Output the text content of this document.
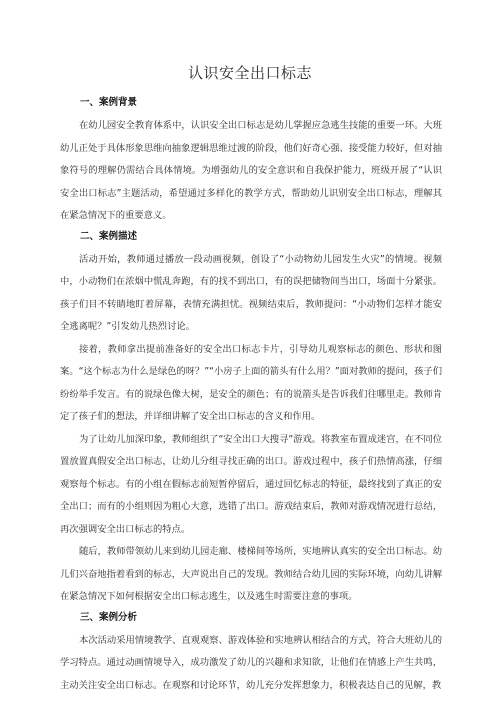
认识安全出口标志
一、案例背景

在幼儿园安全教育体系中，认识安全出口标志是幼儿掌握应急逃生技能的重要一环。大班幼儿正处于具体形象思维向抽象逻辑思维过渡的阶段，他们好奇心强、接受能力较好，但对抽象符号的理解仍需结合具体情境。为增强幼儿的安全意识和自我保护能力，班级开展了“认识安全出口标志”主题活动，希望通过多样化的教学方式，帮助幼儿识别安全出口标志，理解其在紧急情况下的重要意义。

二、案例描述

活动开始，教师通过播放一段动画视频，创设了“小动物幼儿园发生火灾”的情境。视频中，小动物们在浓烟中慌乱奔跑，有的找不到出口，有的误把储物间当出口，场面十分紧张。孩子们目不转睛地盯着屏幕，表情充满担忧。视频结束后，教师提问：“小动物们怎样才能安全逃离呢？”引发幼儿热烈讨论。

接着，教师拿出提前准备好的安全出口标志卡片，引导幼儿观察标志的颜色、形状和图案。“这个标志为什么是绿色的呀？”“小房子上面的箭头有什么用？”面对教师的提问，孩子们纷纷举手发言。有的说绿色像大树，是安全的颜色；有的说箭头是告诉我们往哪里走。教师肯定了孩子们的想法，并详细讲解了安全出口标志的含义和作用。

为了让幼儿加深印象，教师组织了“安全出口大搜寻”游戏。将教室布置成迷宫，在不同位置放置真假安全出口标志，让幼儿分组寻找正确的出口。游戏过程中，孩子们热情高涨，仔细观察每个标志。有的小组在假标志前短暂停留后，通过回忆标志的特征，最终找到了真正的安全出口；而有的小组则因为粗心大意，选错了出口。游戏结束后，教师对游戏情况进行总结，再次强调安全出口标志的特点。

随后，教师带领幼儿来到幼儿园走廊、楼梯间等场所，实地辨认真实的安全出口标志。幼儿们兴奋地指着看到的标志，大声说出自己的发现。教师结合幼儿园的实际环境，向幼儿讲解在紧急情况下如何根据安全出口标志逃生，以及逃生时需要注意的事项。

三、案例分析

本次活动采用情境教学、直观观察、游戏体验和实地辨认相结合的方式，符合大班幼儿的学习特点。通过动画情境导入，成功激发了幼儿的兴趣和求知欲，让他们在情感上产生共鸣，主动关注安全出口标志。在观察和讨论环节，幼儿充分发挥想象力，积极表达自己的见解，教
